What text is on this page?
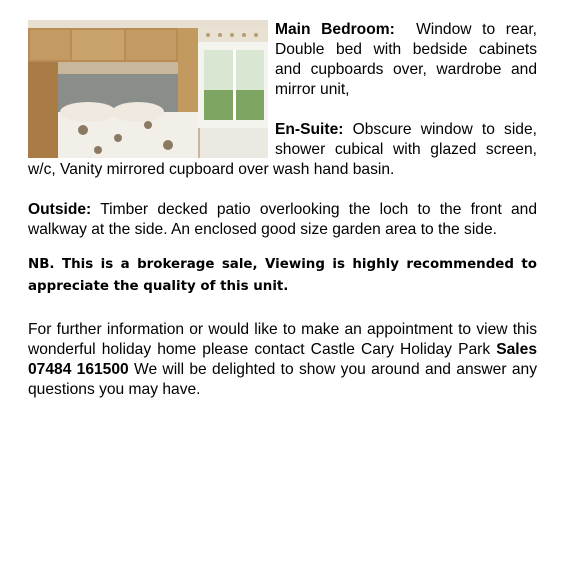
Main Bedroom: Window to rear, Double bed with bedside cabinets and cupboards over, wardrobe and mirror unit,

En-Suite: Obscure window to side, shower cubical with glazed screen, w/c, Vanity mirrored cupboard over wash hand basin.

Outside: Timber decked patio overlooking the loch to the front and walkway at the side. An enclosed good size garden area to the side.

NB. This is a brokerage sale, Viewing is highly recommended to appreciate the quality of this unit.

For further information or would like to make an appointment to view this wonderful holiday home please contact Castle Cary Holiday Park Sales 07484 161500 We will be delighted to show you around and answer any questions you may have.
